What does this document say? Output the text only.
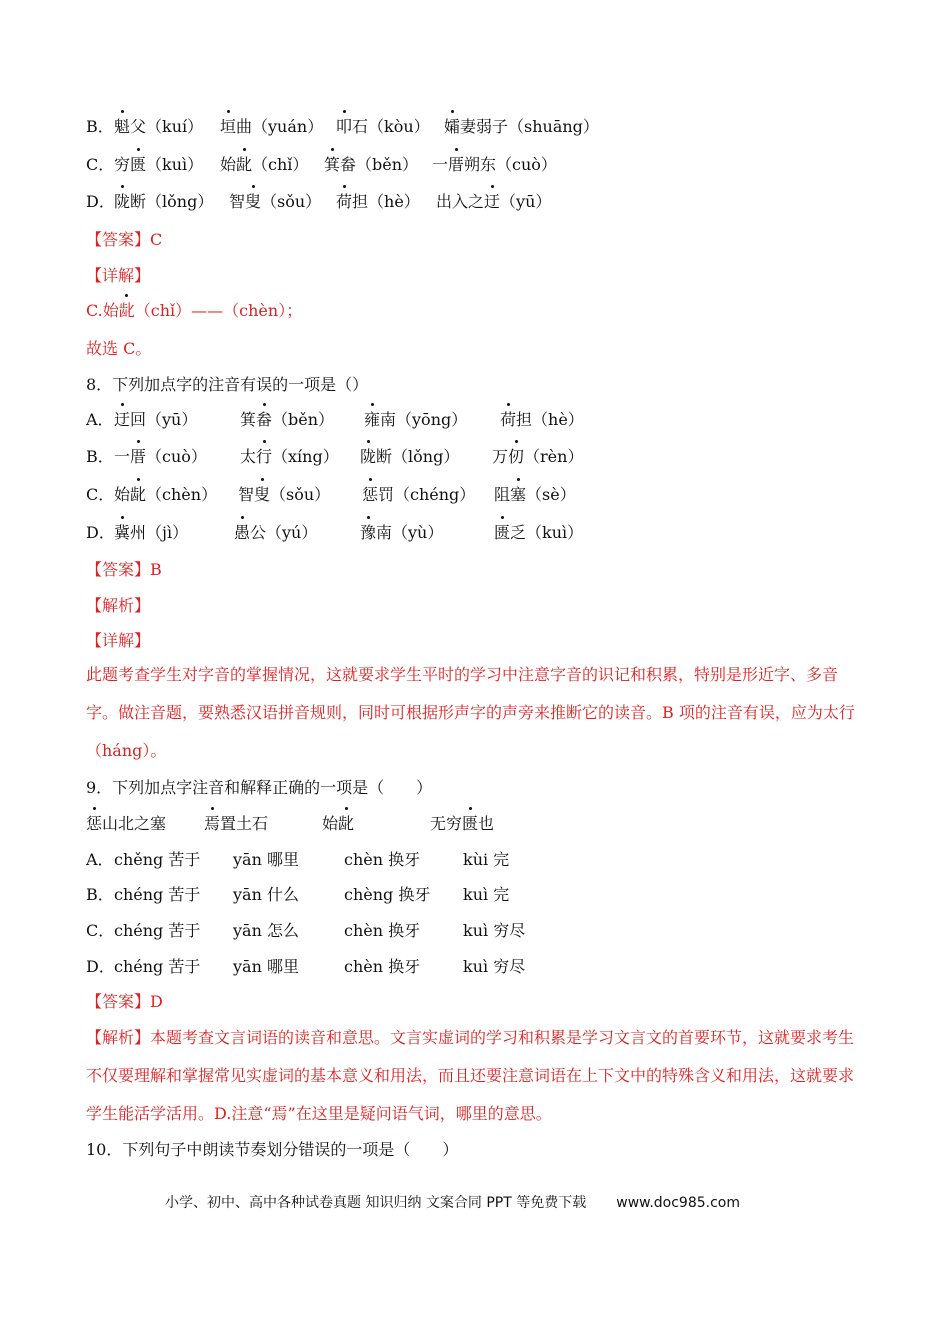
B． 魁父（kuí） 垣曲（yuán） 叩石（kòu） 孀妻弱子（shuāng）
C． 穷匮（kuì） 始龀（chǐ） 箕畚（běn） 一厝朔东（cuò）
D． 陇断（lǒng） 智叟（sǒu） 荷担（hè） 出入之迂（yū）
【答案】C
【详解】
C.始龀（chǐ）——（chèn）；
故选 C。
8．下列加点字的注音有误的一项是（）
A． 迂回（yū）	箕畚（běn） 雍南（yōng） 荷担（hè）
B． 一厝（cuò） 太行（xíng） 陇断（lǒng） 万仞（rèn）
C． 始龀（chèn） 智叟（sǒu） 惩罚（chéng） 阻塞（sè）
D． 冀州（jì）	愚公（yú）	豫南（yù）	匮乏（kuì）
【答案】B
【解析】
【详解】
此题考查学生对字音的掌握情况，这就要求学生平时的学习中注意字音的识记和积累，特别是形近字、多音字。做注音题，要熟悉汉语拼音规则，同时可根据形声字的声旁来推断它的读音。B 项的注音有误，应为太行（háng）。
9．下列加点字注音和解释正确的一项是（　　）
惩山北之塞 焉置土石	始龀	无穷匮也
A． chěng 苦于 yān 哪里	chèn 换牙	kùi 完
B． chéng 苦于 yān 什么	chèng 换牙 kuì 完
C． chéng 苦于 yān 怎么	chèn 换牙	kuì 穷尽
D． chéng 苦于 yān 哪里	chèn 换牙	kuì 穷尽
【答案】D
【解析】本题考查文言词语的读音和意思。文言实虚词的学习和积累是学习文言文的首要环节，这就要求考生不仅要理解和掌握常见实虚词的基本意义和用法，而且还要注意词语在上下文中的特殊含义和用法，这就要求学生能活学活用。D.注意“焉”在这里是疑问语气词，哪里的意思。
10．下列句子中朗读节奏划分错误的一项是（　　）
小学、初中、高中各种试卷真题 知识归纳 文案合同 PPT 等免费下载 www.doc985.com
